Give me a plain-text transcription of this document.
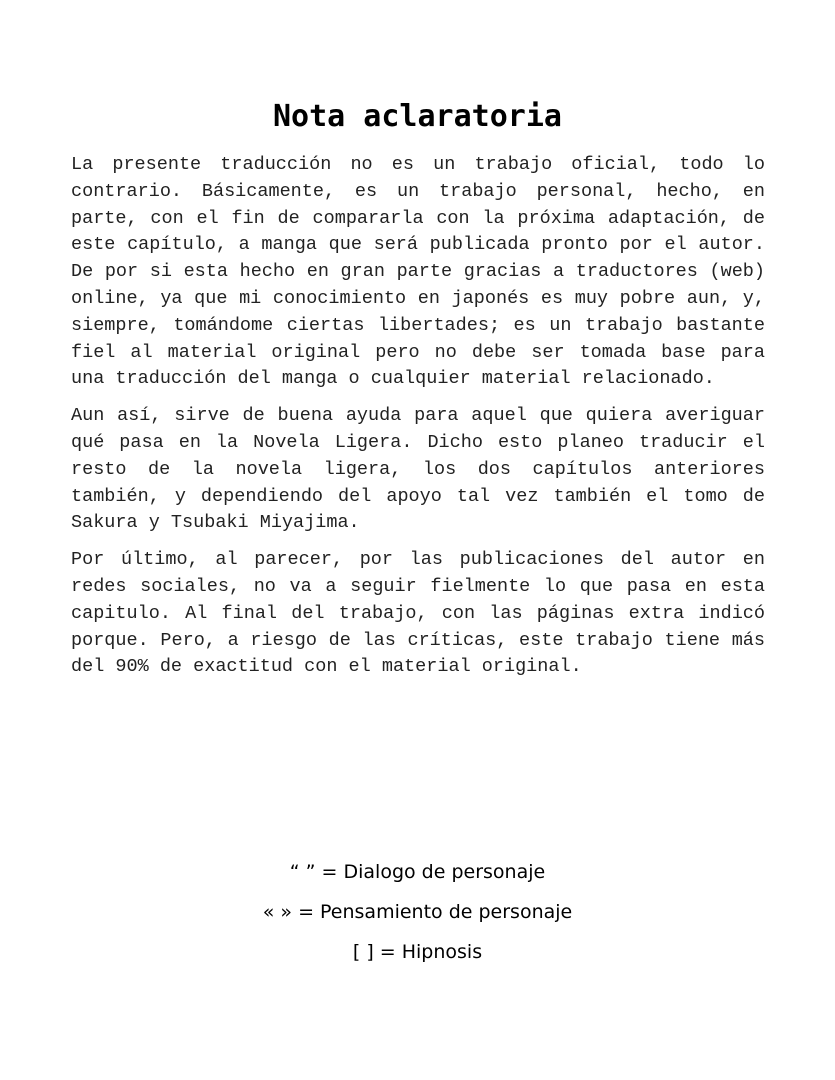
Nota aclaratoria

La presente traducción no es un trabajo oficial, todo lo contrario. Básicamente, es un trabajo personal, hecho, en parte, con el fin de compararla con la próxima adaptación, de este capítulo, a manga que será publicada pronto por el autor. De por si esta hecho en gran parte gracias a traductores (web) online, ya que mi conocimiento en japonés es muy pobre aun, y, siempre, tomándome ciertas libertades; es un trabajo bastante fiel al material original pero no debe ser tomada base para una traducción del manga o cualquier material relacionado.

Aun así, sirve de buena ayuda para aquel que quiera averiguar qué pasa en la Novela Ligera. Dicho esto planeo traducir el resto de la novela ligera, los dos capítulos anteriores también, y dependiendo del apoyo tal vez también el tomo de Sakura y Tsubaki Miyajima.

Por último, al parecer, por las publicaciones del autor en redes sociales, no va a seguir fielmente lo que pasa en esta capitulo. Al final del trabajo, con las páginas extra indicó porque. Pero, a riesgo de las críticas, este trabajo tiene más del 90% de exactitud con el material original.

“ ” = Dialogo de personaje
« » = Pensamiento de personaje
[ ] = Hipnosis
